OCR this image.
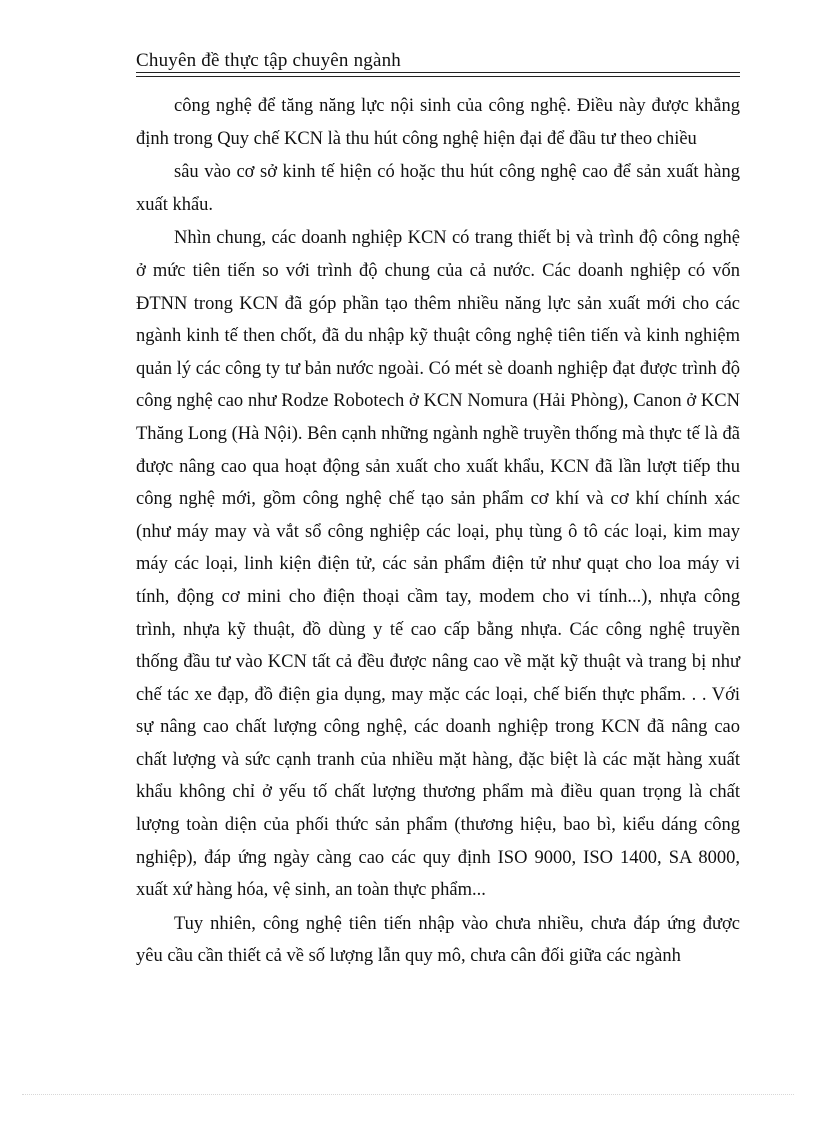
Chuyên đề thực tập chuyên ngành

công nghệ để tăng năng lực nội sinh của công nghệ. Điều này được khẳng định trong Quy chế KCN là thu hút công nghệ hiện đại để đầu tư theo chiều

sâu vào cơ sở kinh tế hiện có hoặc thu hút công nghệ cao để sản xuất hàng xuất khẩu.

Nhìn chung, các doanh nghiệp KCN có trang thiết bị và trình độ công nghệ ở mức tiên tiến so với trình độ chung của cả nước. Các doanh nghiệp có vốn ĐTNN trong KCN đã góp phần tạo thêm nhiều năng lực sản xuất mới cho các ngành kinh tế then chốt, đã du nhập kỹ thuật công nghệ tiên tiến và kinh nghiệm quản lý các công ty tư bản nước ngoài. Có mét sè doanh nghiệp đạt được trình độ công nghệ cao như Rodze Robotech ở KCN Nomura (Hải Phòng), Canon ở KCN Thăng Long (Hà Nội). Bên cạnh những ngành nghề truyền thống mà thực tế là đã được nâng cao qua hoạt động sản xuất cho xuất khẩu, KCN đã lần lượt tiếp thu công nghệ mới, gồm công nghệ chế tạo sản phẩm cơ khí và cơ khí chính xác (như máy may và vắt sổ công nghiệp các loại, phụ tùng ô tô các loại, kim may máy các loại, linh kiện điện tử, các sản phẩm điện tử như quạt cho loa máy vi tính, động cơ mini cho điện thoại cầm tay, modem cho vi tính...), nhựa công trình, nhựa kỹ thuật, đồ dùng y tế cao cấp bằng nhựa. Các công nghệ truyền thống đầu tư vào KCN tất cả đều được nâng cao về mặt kỹ thuật và trang bị như chế tác xe đạp, đồ điện gia dụng, may mặc các loại, chế biến thực phẩm. . . Với sự nâng cao chất lượng công nghệ, các doanh nghiệp trong KCN đã nâng cao chất lượng và sức cạnh tranh của nhiều mặt hàng, đặc biệt là các mặt hàng xuất khẩu không chỉ ở yếu tố chất lượng thương phẩm mà điều quan trọng là chất lượng toàn diện của phối thức sản phẩm (thương hiệu, bao bì, kiểu dáng công nghiệp), đáp ứng ngày càng cao các quy định ISO 9000, ISO 1400, SA 8000, xuất xứ hàng hóa, vệ sinh, an toàn thực phẩm...

Tuy nhiên, công nghệ tiên tiến nhập vào chưa nhiều, chưa đáp ứng được yêu cầu cần thiết cả về số lượng lẫn quy mô, chưa cân đối giữa các ngành
